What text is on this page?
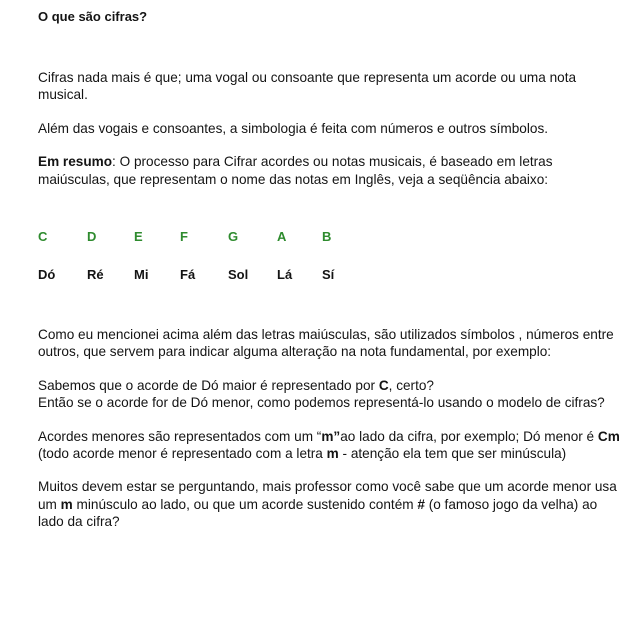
O que são cifras?

Cifras nada mais é que; uma vogal ou consoante que representa um acorde ou uma nota musical.

Além das vogais e consoantes, a simbologia é feita com números e outros símbolos.

Em resumo: O processo para Cifrar acordes ou notas musicais, é baseado em letras maiúsculas, que representam o nome das notas em Inglês, veja a seqüência abaixo:

C	D	E	F	G	A	B
Dó	Ré	Mi	Fá	Sol	Lá	Sí

Como eu mencionei acima além das letras maiúsculas, são utilizados símbolos , números entre outros, que servem para indicar alguma alteração na nota fundamental, por exemplo:

Sabemos que o acorde de Dó maior é representado por C, certo?
Então se o acorde for de Dó menor, como podemos representá-lo usando o modelo de cifras?

Acordes menores são representados com um “m”ao lado da cifra, por exemplo; Dó menor é Cm (todo acorde menor é representado com a letra m - atenção ela tem que ser minúscula)

Muitos devem estar se perguntando, mais professor como você sabe que um acorde menor usa um m minúsculo ao lado, ou que um acorde sustenido contém # (o famoso jogo da velha) ao lado da cifra?
